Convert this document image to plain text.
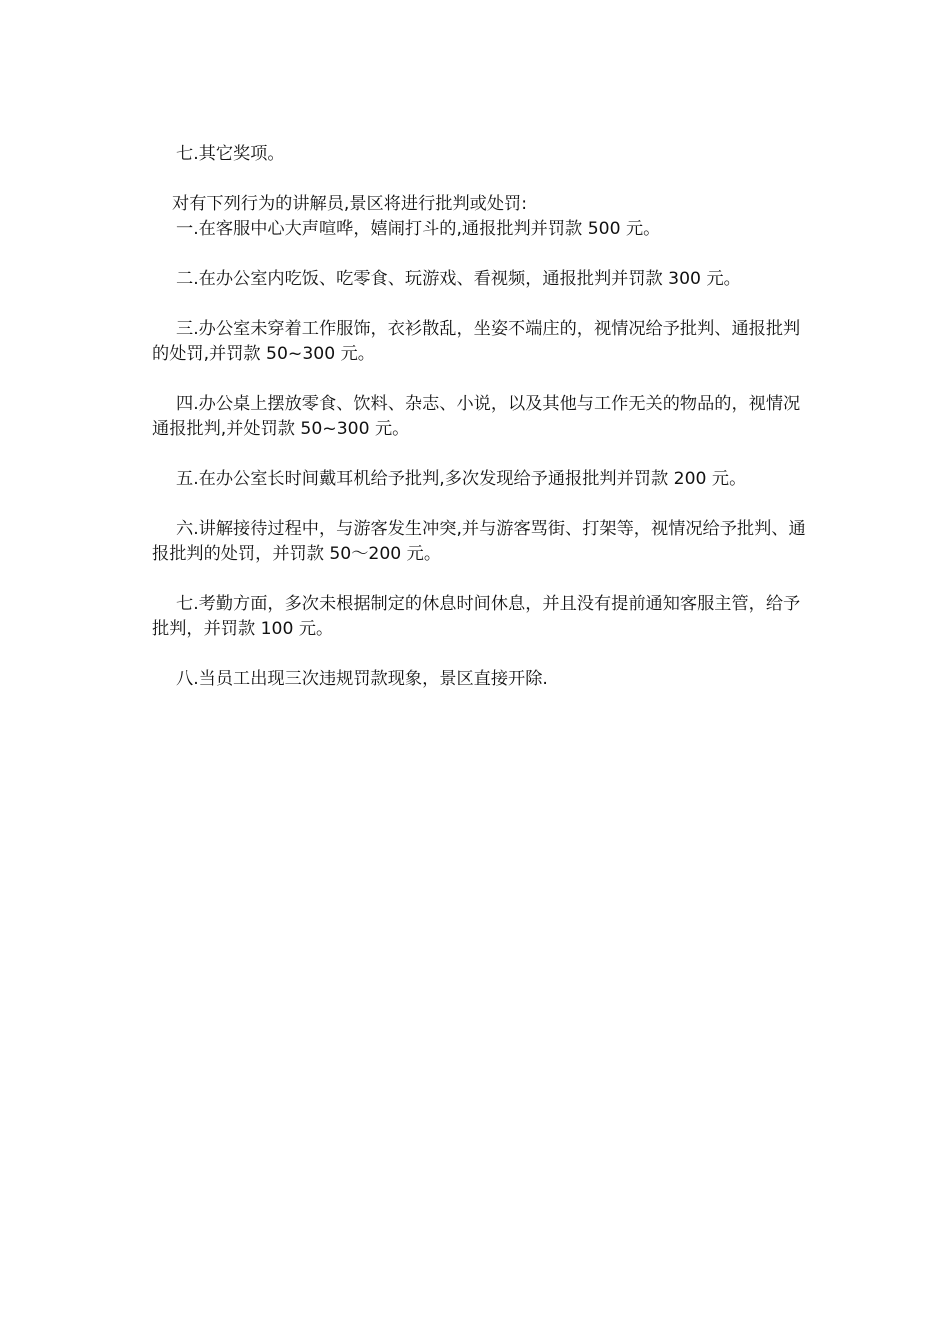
七.其它奖项。

对有下列行为的讲解员,景区将进行批判或处罚:

一.在客服中心大声喧哗，嬉闹打斗的,通报批判并罚款 500 元。

二.在办公室内吃饭、吃零食、玩游戏、看视频，通报批判并罚款 300 元。

三.办公室未穿着工作服饰，衣衫散乱，坐姿不端庄的，视情况给予批判、通报批判的处罚,并罚款 50~300 元。

四.办公桌上摆放零食、饮料、杂志、小说，以及其他与工作无关的物品的，视情况通报批判,并处罚款 50~300 元。

五.在办公室长时间戴耳机给予批判,多次发现给予通报批判并罚款 200 元。

六.讲解接待过程中，与游客发生冲突,并与游客骂街、打架等，视情况给予批判、通报批判的处罚，并罚款 50～200 元。

七.考勤方面，多次未根据制定的休息时间休息，并且没有提前通知客服主管，给予批判，并罚款 100 元。

八.当员工出现三次违规罚款现象，景区直接开除.
